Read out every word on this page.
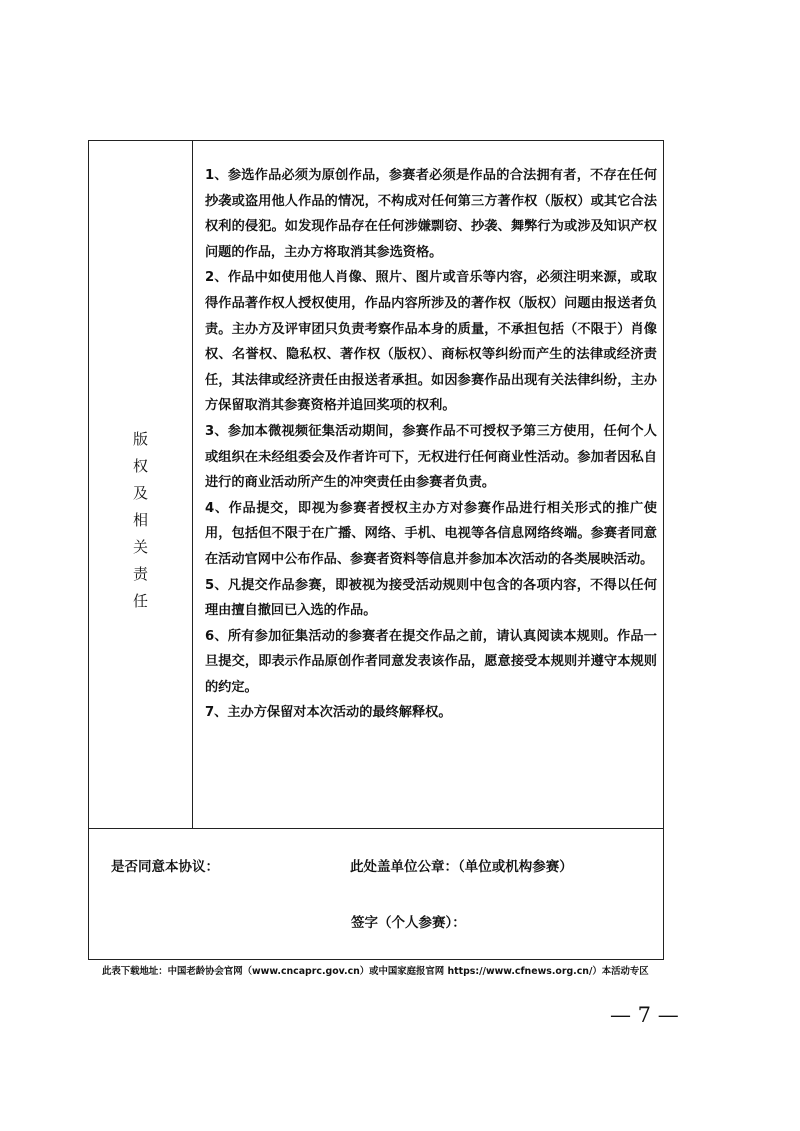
版
权
及
相
关
责
任

1、参选作品必须为原创作品，参赛者必须是作品的合法拥有者，不存在任何抄袭或盗用他人作品的情况，不构成对任何第三方著作权（版权）或其它合法权利的侵犯。如发现作品存在任何涉嫌剽窃、抄袭、舞弊行为或涉及知识产权问题的作品，主办方将取消其参选资格。

2、作品中如使用他人肖像、照片、图片或音乐等内容，必须注明来源，或取得作品著作权人授权使用，作品内容所涉及的著作权（版权）问题由报送者负责。主办方及评审团只负责考察作品本身的质量，不承担包括（不限于）肖像权、名誉权、隐私权、著作权（版权）、商标权等纠纷而产生的法律或经济责任，其法律或经济责任由报送者承担。如因参赛作品出现有关法律纠纷，主办方保留取消其参赛资格并追回奖项的权利。

3、参加本微视频征集活动期间，参赛作品不可授权予第三方使用，任何个人或组织在未经组委会及作者许可下，无权进行任何商业性活动。参加者因私自进行的商业活动所产生的冲突责任由参赛者负责。

4、作品提交，即视为参赛者授权主办方对参赛作品进行相关形式的推广使用，包括但不限于在广播、网络、手机、电视等各信息网络终端。参赛者同意在活动官网中公布作品、参赛者资料等信息并参加本次活动的各类展映活动。

5、凡提交作品参赛，即被视为接受活动规则中包含的各项内容，不得以任何理由擅自撤回已入选的作品。

6、所有参加征集活动的参赛者在提交作品之前，请认真阅读本规则。作品一旦提交，即表示作品原创作者同意发表该作品，愿意接受本规则并遵守本规则的约定。

7、主办方保留对本次活动的最终解释权。

是否同意本协议：	此处盖单位公章：（单位或机构参赛）
签字（个人参赛）：
此表下载地址：中国老龄协会官网（www.cncaprc.gov.cn）或中国家庭报官网 https://www.cfnews.org.cn/）本活动专区
— 7 —
